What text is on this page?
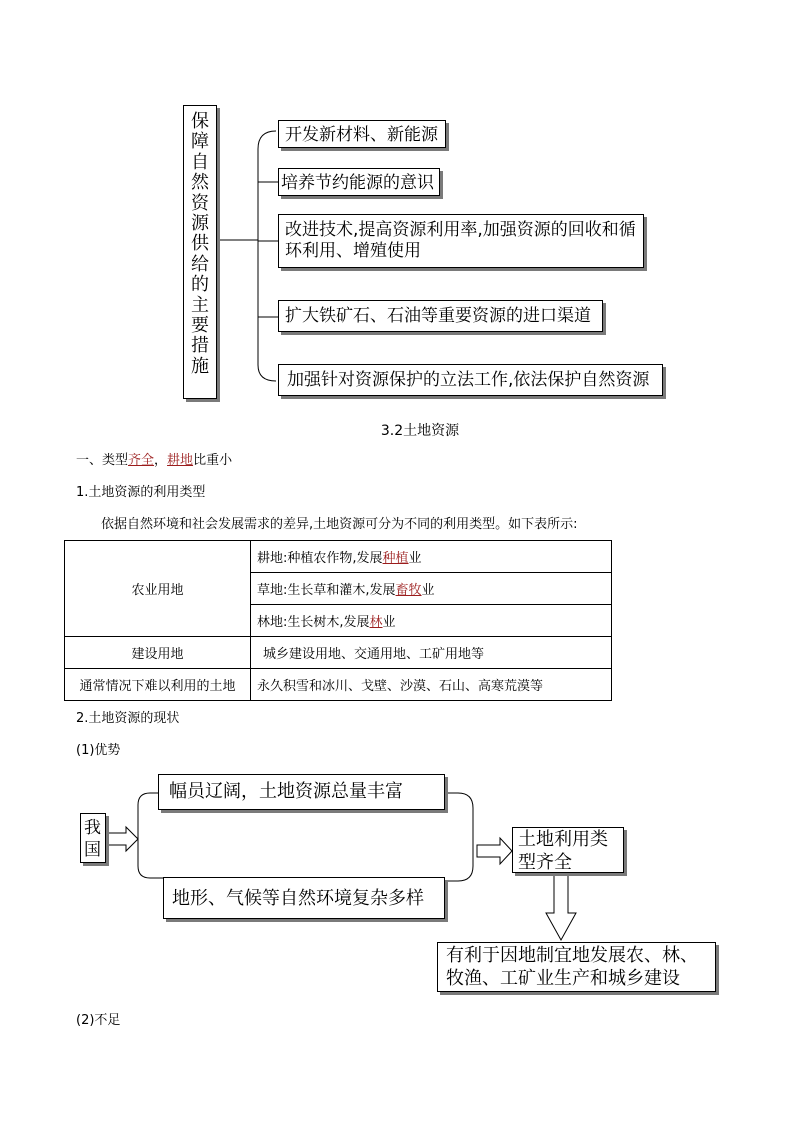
保
障
自
然
资
源
供
给
的
主
要
措
施
开发新材料、新能源
培养节约能源的意识
改进技术,提高资源利用率,加强资源的回收和循环利用、增殖使用
扩大铁矿石、石油等重要资源的进口渠道
加强针对资源保护的立法工作,依法保护自然资源
3.2土地资源
一、类型齐全，耕地比重小
1.土地资源的利用类型
依据自然环境和社会发展需求的差异,土地资源可分为不同的利用类型。如下表所示:
农业用地	耕地:种植农作物,发展种植业
	草地:生长草和灌木,发展畜牧业
	林地:生长树木,发展林业
建设用地	城乡建设用地、交通用地、工矿用地等
通常情况下难以利用的土地	永久积雪和冰川、戈壁、沙漠、石山、高寒荒漠等
2.土地资源的现状
(1)优势
我国
幅员辽阔，土地资源总量丰富
地形、气候等自然环境复杂多样
土地利用类型齐全
有利于因地制宜地发展农、林、牧渔、工矿业生产和城乡建设
(2)不足
